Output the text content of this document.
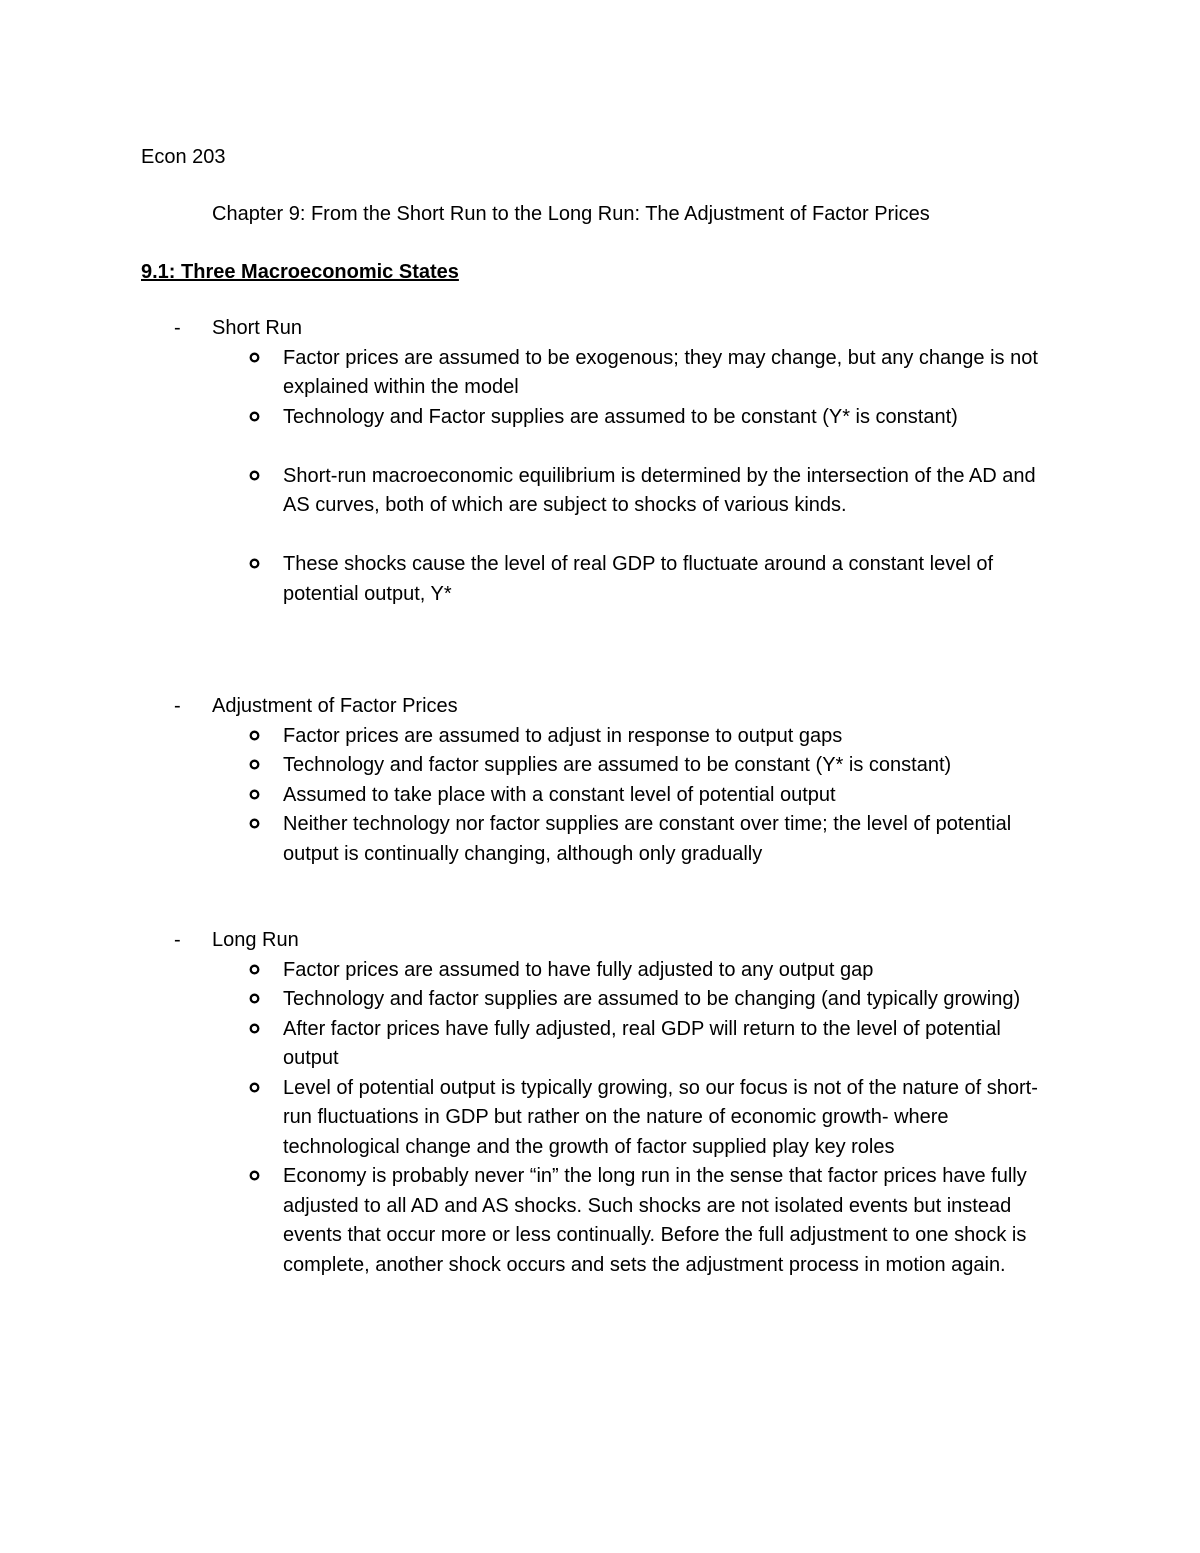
Econ 203
Chapter 9: From the Short Run to the Long Run: The Adjustment of Factor Prices
9.1: Three Macroeconomic States
- Short Run
Factor prices are assumed to be exogenous; they may change, but any change is not explained within the model
Technology and Factor supplies are assumed to be constant (Y* is constant)
Short-run macroeconomic equilibrium is determined by the intersection of the AD and AS curves, both of which are subject to shocks of various kinds.
These shocks cause the level of real GDP to fluctuate around a constant level of potential output, Y*
- Adjustment of Factor Prices
Factor prices are assumed to adjust in response to output gaps
Technology and factor supplies are assumed to be constant (Y* is constant)
Assumed to take place with a constant level of potential output
Neither technology nor factor supplies are constant over time; the level of potential output is continually changing, although only gradually
- Long Run
Factor prices are assumed to have fully adjusted to any output gap
Technology and factor supplies are assumed to be changing (and typically growing)
After factor prices have fully adjusted, real GDP will return to the level of potential output
Level of potential output is typically growing, so our focus is not of the nature of short-run fluctuations in GDP but rather on the nature of economic growth- where technological change and the growth of factor supplied play key roles
Economy is probably never “in” the long run in the sense that factor prices have fully adjusted to all AD and AS shocks. Such shocks are not isolated events but instead events that occur more or less continually. Before the full adjustment to one shock is complete, another shock occurs and sets the adjustment process in motion again.
